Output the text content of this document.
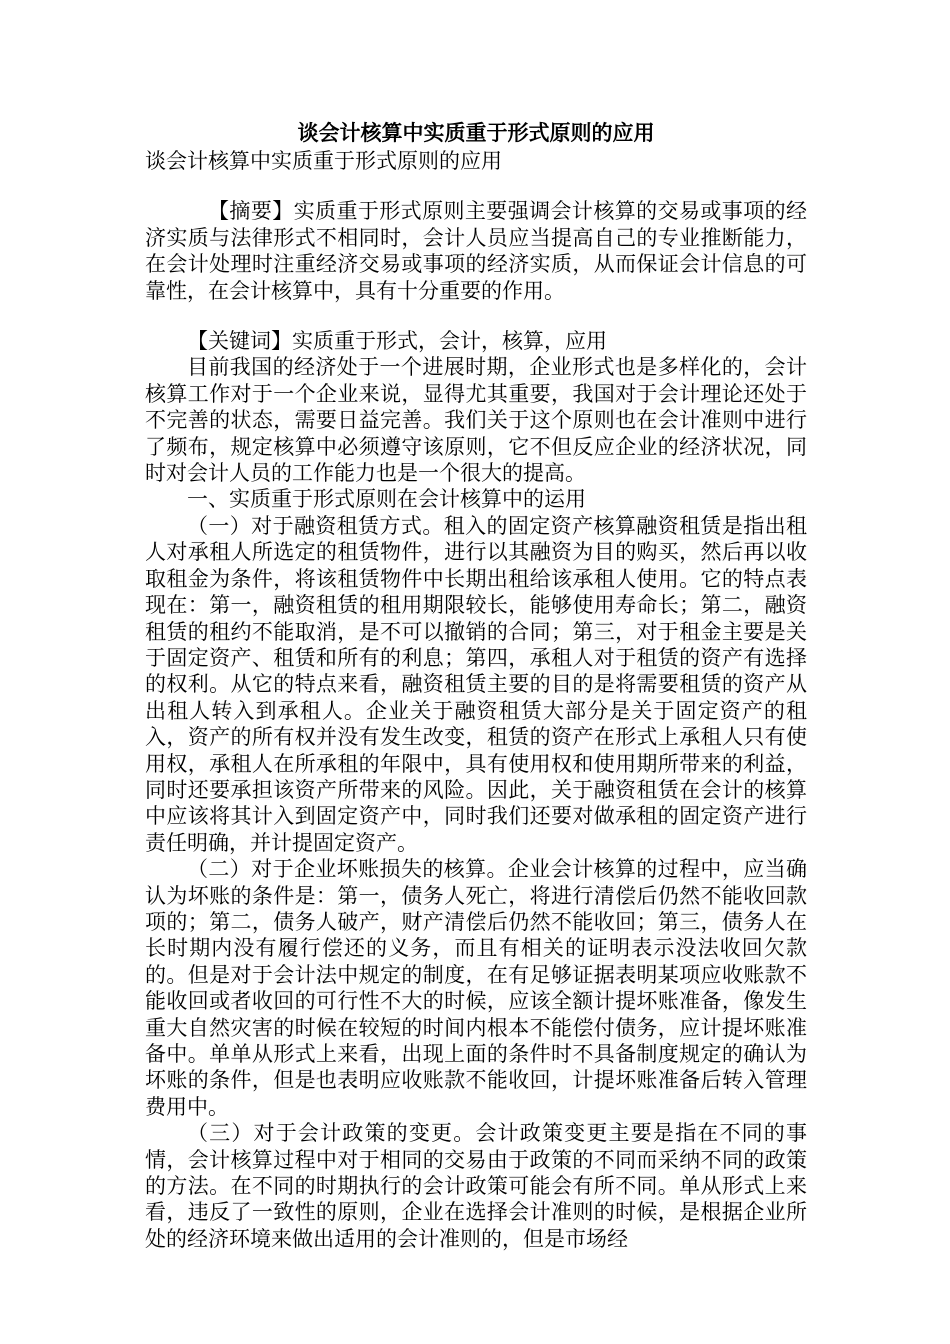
谈会计核算中实质重于形式原则的应用

谈会计核算中实质重于形式原则的应用

【摘要】实质重于形式原则主要强调会计核算的交易或事项的经济实质与法律形式不相同时，会计人员应当提高自己的专业推断能力，在会计处理时注重经济交易或事项的经济实质，从而保证会计信息的可靠性，在会计核算中，具有十分重要的作用。

【关键词】实质重于形式，会计，核算，应用

目前我国的经济处于一个进展时期，企业形式也是多样化的，会计核算工作对于一个企业来说，显得尤其重要，我国对于会计理论还处于不完善的状态，需要日益完善。我们关于这个原则也在会计准则中进行了频布，规定核算中必须遵守该原则，它不但反应企业的经济状况，同时对会计人员的工作能力也是一个很大的提高。

一、实质重于形式原则在会计核算中的运用

（一）对于融资租赁方式。租入的固定资产核算融资租赁是指出租人对承租人所选定的租赁物件，进行以其融资为目的购买，然后再以收取租金为条件，将该租赁物件中长期出租给该承租人使用。它的特点表现在：第一，融资租赁的租用期限较长，能够使用寿命长；第二，融资租赁的租约不能取消，是不可以撤销的合同；第三，对于租金主要是关于固定资产、租赁和所有的利息；第四，承租人对于租赁的资产有选择的权利。从它的特点来看，融资租赁主要的目的是将需要租赁的资产从出租人转入到承租人。企业关于融资租赁大部分是关于固定资产的租入，资产的所有权并没有发生改变，租赁的资产在形式上承租人只有使用权，承租人在所承租的年限中，具有使用权和使用期所带来的利益，同时还要承担该资产所带来的风险。因此，关于融资租赁在会计的核算中应该将其计入到固定资产中，同时我们还要对做承租的固定资产进行责任明确，并计提固定资产。

（二）对于企业坏账损失的核算。企业会计核算的过程中，应当确认为坏账的条件是：第一，债务人死亡，将进行清偿后仍然不能收回款项的；第二，债务人破产，财产清偿后仍然不能收回；第三，债务人在长时期内没有履行偿还的义务，而且有相关的证明表示没法收回欠款的。但是对于会计法中规定的制度，在有足够证据表明某项应收账款不能收回或者收回的可行性不大的时候，应该全额计提坏账准备，像发生重大自然灾害的时候在较短的时间内根本不能偿付债务，应计提坏账准备中。单单从形式上来看，出现上面的条件时不具备制度规定的确认为坏账的条件，但是也表明应收账款不能收回，计提坏账准备后转入管理费用中。

（三）对于会计政策的变更。会计政策变更主要是指在不同的事情，会计核算过程中对于相同的交易由于政策的不同而采纳不同的政策的方法。在不同的时期执行的会计政策可能会有所不同。单从形式上来看，违反了一致性的原则，企业在选择会计准则的时候，是根据企业所处的经济环境来做出适用的会计准则的，但是市场经
